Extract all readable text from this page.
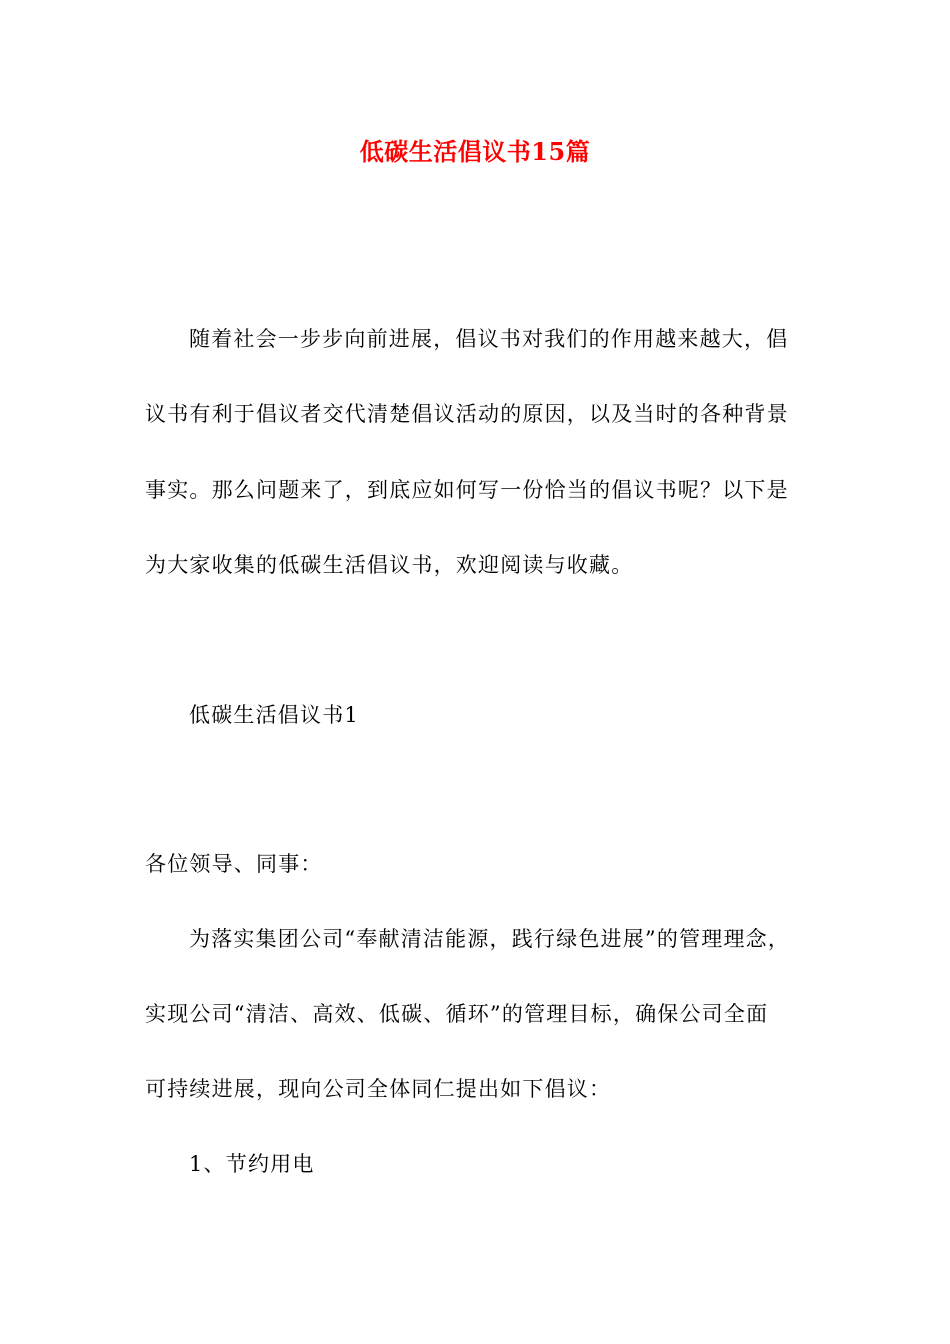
低碳生活倡议书15篇
随着社会一步步向前进展，倡议书对我们的作用越来越大，倡
议书有利于倡议者交代清楚倡议活动的原因，以及当时的各种背景
事实。那么问题来了，到底应如何写一份恰当的倡议书呢？以下是
为大家收集的低碳生活倡议书，欢迎阅读与收藏。
低碳生活倡议书1
各位领导、同事：
为落实集团公司“奉献清洁能源，践行绿色进展”的管理理念，
实现公司“清洁、高效、低碳、循环”的管理目标，确保公司全面
可持续进展，现向公司全体同仁提出如下倡议：
1、节约用电
